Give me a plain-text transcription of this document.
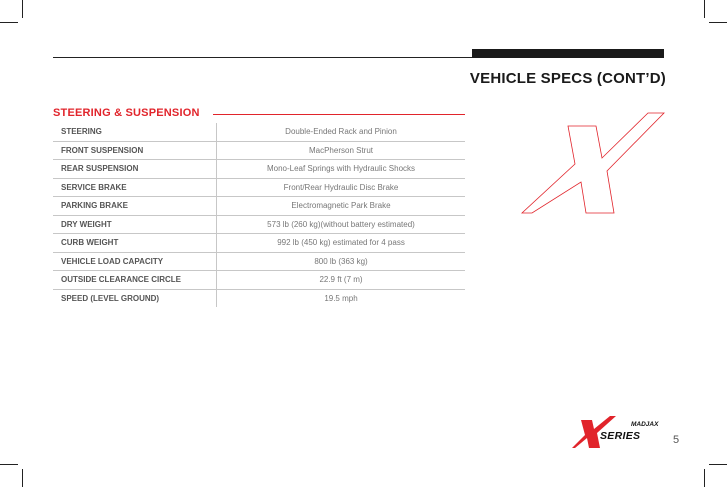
VEHICLE SPECS (CONT’D)
STEERING & SUSPENSION
STEERING	Double-Ended Rack and Pinion
FRONT SUSPENSION	MacPherson Strut
REAR SUSPENSION	Mono-Leaf Springs with Hydraulic Shocks
SERVICE BRAKE	Front/Rear Hydraulic Disc Brake
PARKING BRAKE	Electromagnetic Park Brake
DRY WEIGHT	573 lb (260 kg)(without battery estimated)
CURB WEIGHT	992 lb (450 kg) estimated for 4 pass
VEHICLE LOAD CAPACITY	800 lb (363 kg)
OUTSIDE CLEARANCE CIRCLE	22.9 ft (7 m)
SPEED (LEVEL GROUND)	19.5 mph
MADJAX
SERIES	5
